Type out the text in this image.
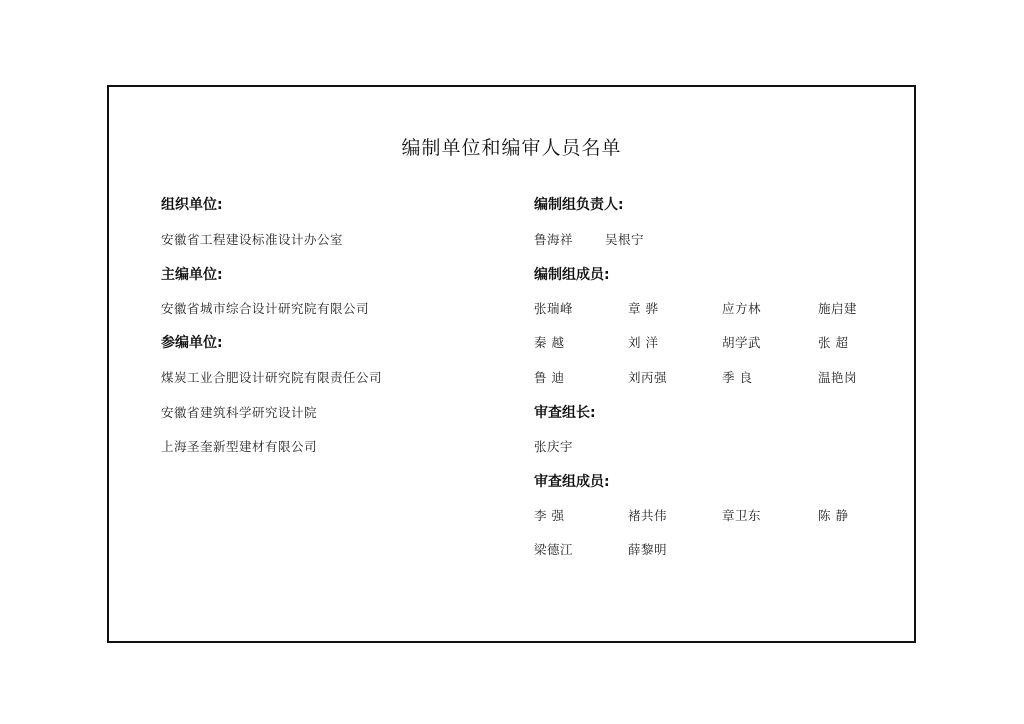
编制单位和编审人员名单
组织单位:
安徽省工程建设标准设计办公室
主编单位:
安徽省城市综合设计研究院有限公司
参编单位:
煤炭工业合肥设计研究院有限责任公司
安徽省建筑科学研究设计院
上海圣奎新型建材有限公司
编制组负责人:
鲁海祥	吴根宁
编制组成员:
张瑞峰	章 骅	应方林	施启建
秦 越	刘 洋	胡学武	张 超
鲁 迪	刘丙强	季 良	温艳岗
审查组长:
张庆宇
审查组成员:
李 强	褚共伟	章卫东	陈 静
梁德江	薛黎明
